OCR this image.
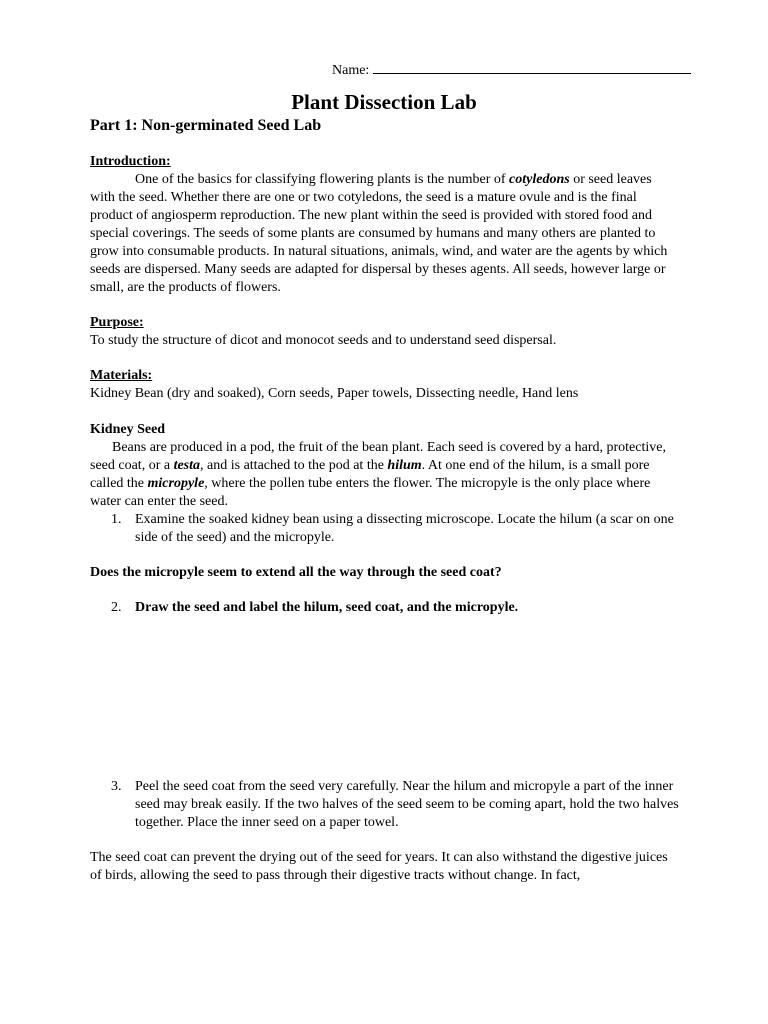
Name:
Plant Dissection Lab
Part 1: Non-germinated Seed Lab

Introduction:

One of the basics for classifying flowering plants is the number of cotyledons or seed leaves with the seed. Whether there are one or two cotyledons, the seed is a mature ovule and is the final product of angiosperm reproduction. The new plant within the seed is provided with stored food and special coverings. The seeds of some plants are consumed by humans and many others are planted to grow into consumable products. In natural situations, animals, wind, and water are the agents by which seeds are dispersed. Many seeds are adapted for dispersal by theses agents. All seeds, however large or small, are the products of flowers.

Purpose:

To study the structure of dicot and monocot seeds and to understand seed dispersal.

Materials:

Kidney Bean (dry and soaked), Corn seeds, Paper towels, Dissecting needle, Hand lens

Kidney Seed

Beans are produced in a pod, the fruit of the bean plant. Each seed is covered by a hard, protective, seed coat, or a testa, and is attached to the pod at the hilum. At one end of the hilum, is a small pore called the micropyle, where the pollen tube enters the flower. The micropyle is the only place where water can enter the seed.

1. Examine the soaked kidney bean using a dissecting microscope. Locate the hilum (a scar on one side of the seed) and the micropyle.
Does the micropyle seem to extend all the way through the seed coat?
2. Draw the seed and label the hilum, seed coat, and the micropyle.
3. Peel the seed coat from the seed very carefully. Near the hilum and micropyle a part of the inner seed may break easily. If the two halves of the seed seem to be coming apart, hold the two halves together. Place the inner seed on a paper towel.
The seed coat can prevent the drying out of the seed for years. It can also withstand the digestive juices of birds, allowing the seed to pass through their digestive tracts without change. In fact,
